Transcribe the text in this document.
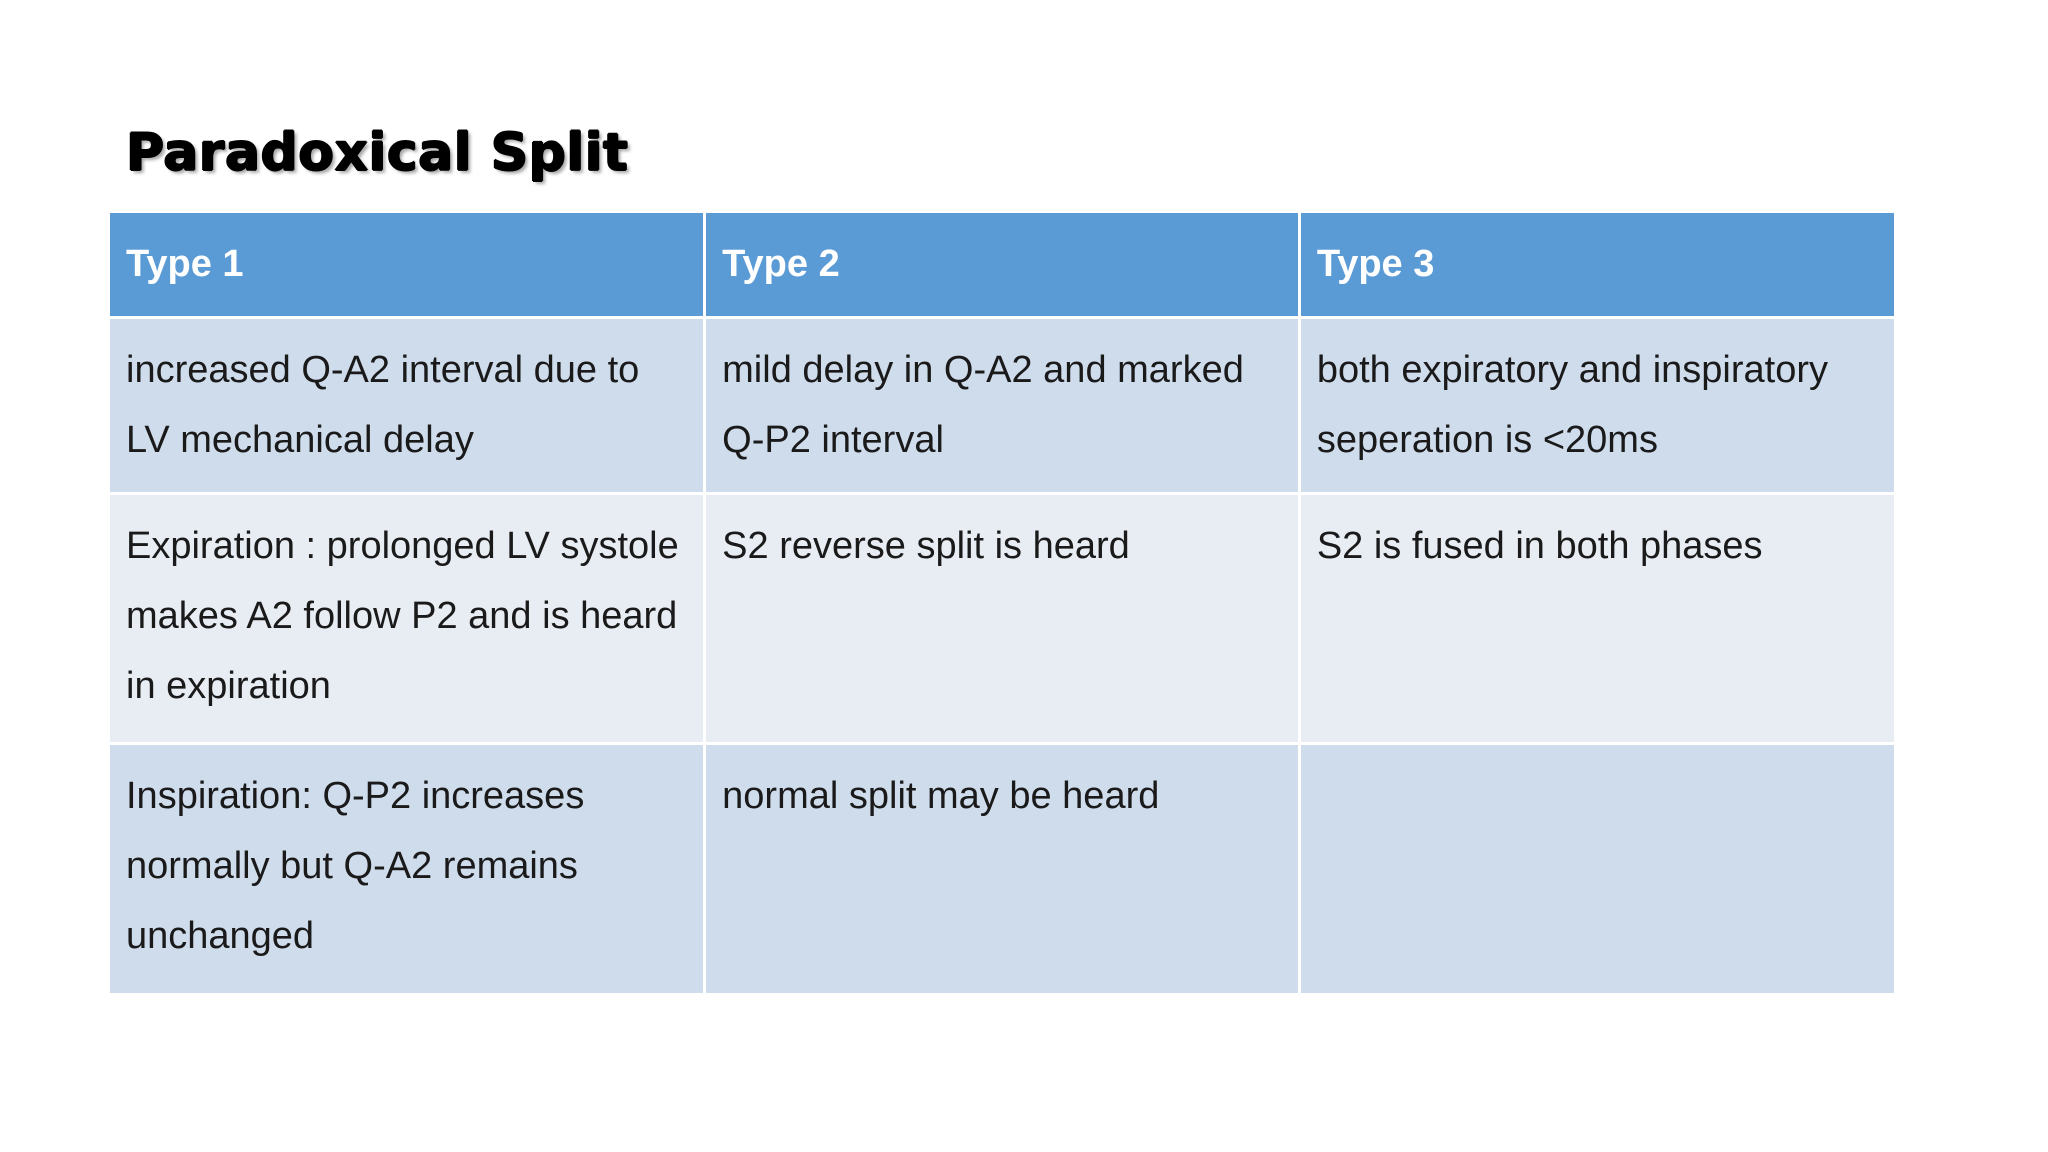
Paradoxical Split
Type 1	Type 2	Type 3
increased Q-A2 interval due to LV mechanical delay	mild delay in Q-A2 and marked Q-P2 interval	both expiratory and inspiratory seperation is <20ms
Expiration : prolonged LV systole makes A2 follow P2 and is heard in expiration	S2 reverse split is heard	S2 is fused in both phases
Inspiration: Q-P2 increases normally but Q-A2 remains unchanged	normal split may be heard	
